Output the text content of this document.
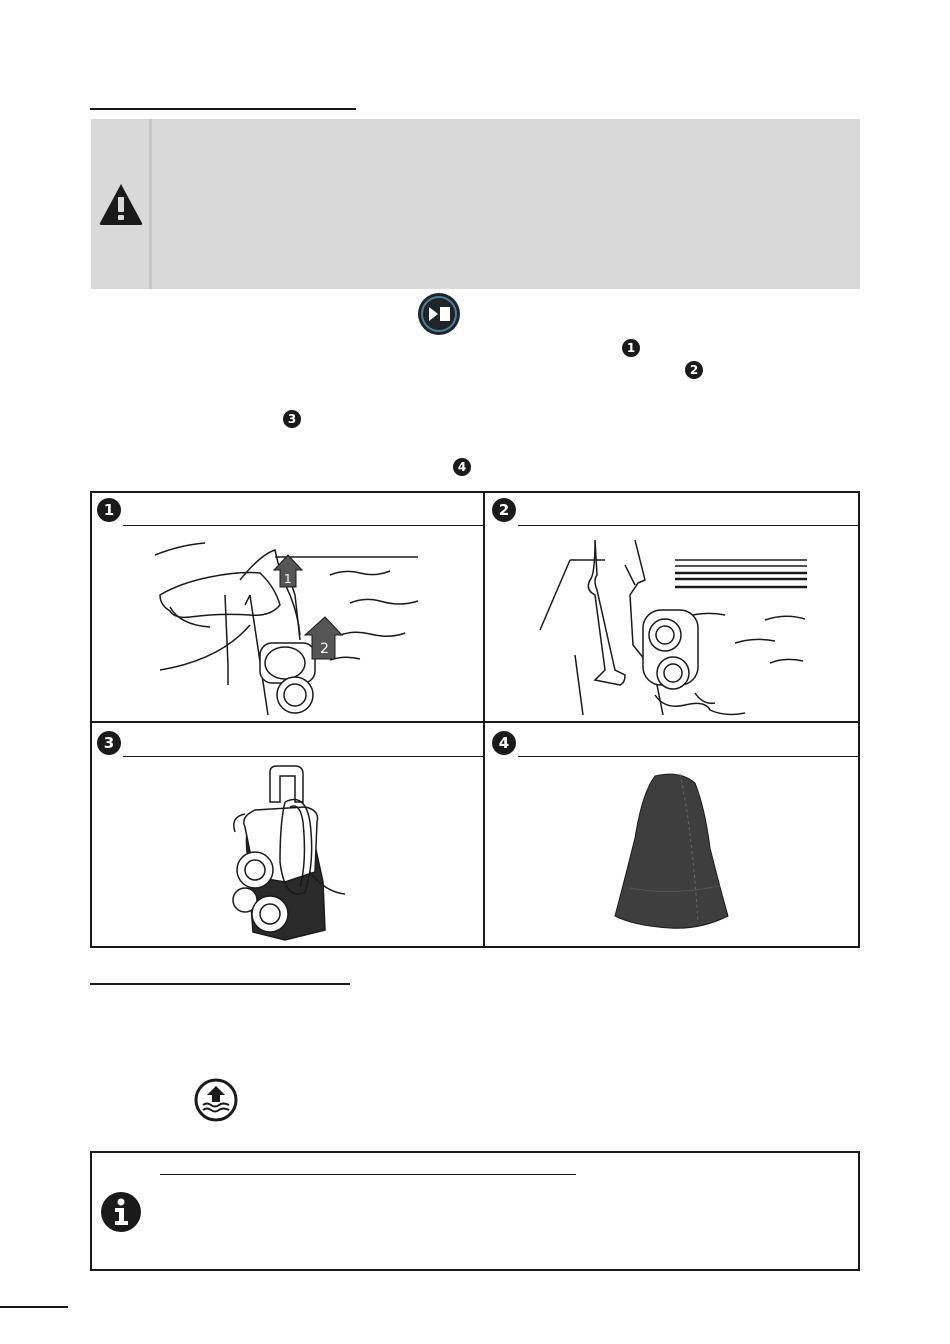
1
2
3
4
1
1
2
2
3	4
